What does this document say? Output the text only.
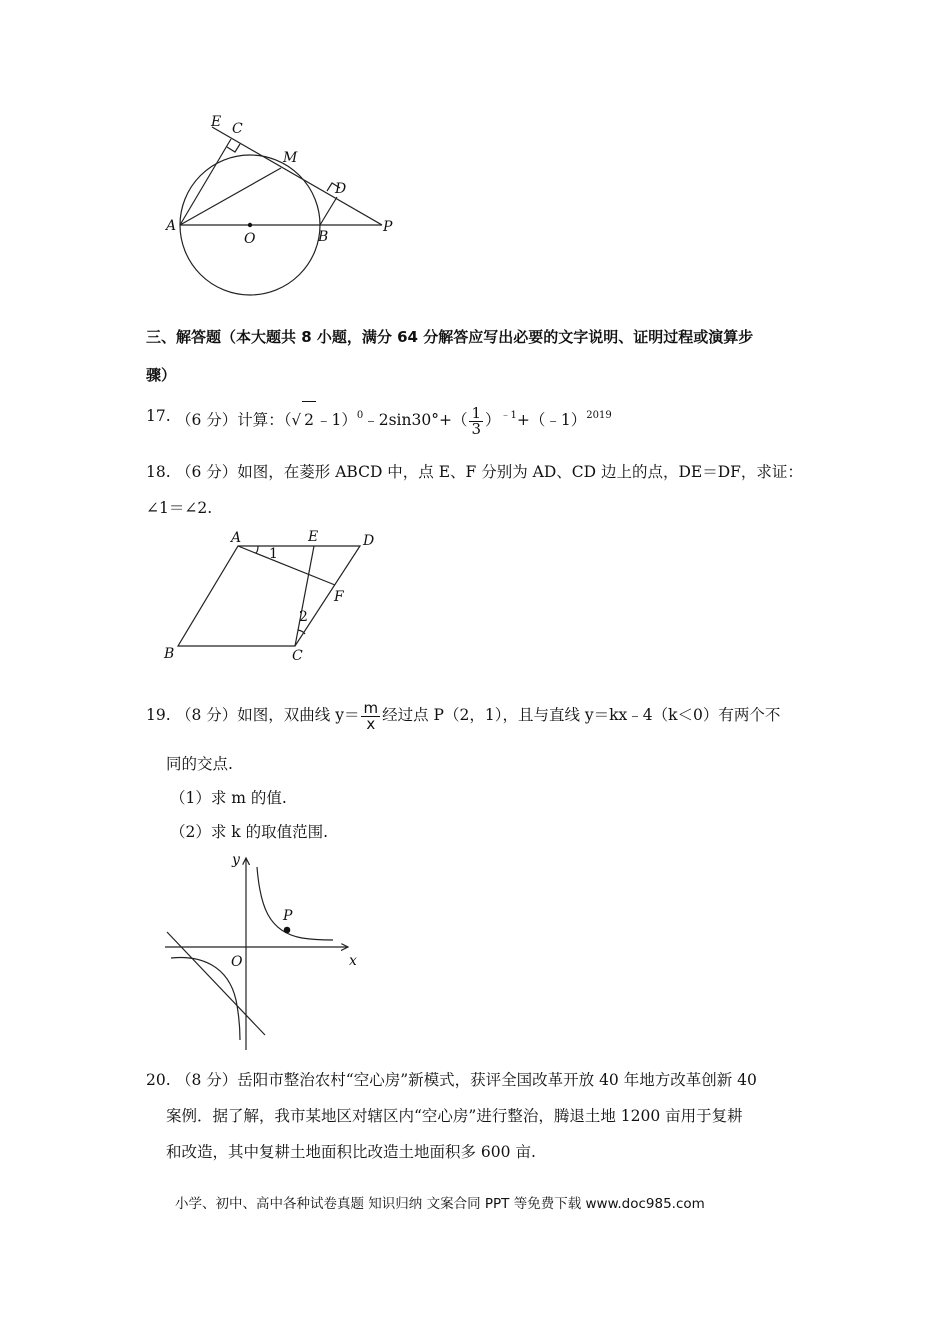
E C
M
D
A
O	B
P
三、解答题（本大题共 8 小题，满分 64 分解答应写出必要的文字说明、证明过程或演算步
骤）
17. （6 分）计算：（√ 2 ﹣1）$^0$﹣2sin30°+（ $\frac{1}{3}$ ）$^{﹣1}$+（﹣1）$^{2019}$
18. （6 分）如图，在菱形 ABCD 中，点 E、F 分别为 AD、CD 边上的点，DE＝DF，求证：
∠1＝∠2.
A	E	D
1
F
2
B	C
19. （8 分）如图，双曲线 $y= \frac{m}{x}$ 经过点 P（2，1），且与直线 y＝kx﹣4（k＜0）有两个不
同的交点.
（1）求 m 的值.
（2）求 k 的取值范围.
y
P
O	x
20. （8 分）岳阳市整治农村“空心房”新模式，获评全国改革开放 40 年地方改革创新 40
案例．据了解，我市某地区对辖区内“空心房”进行整治，腾退土地 1200 亩用于复耕
和改造，其中复耕土地面积比改造土地面积多 600 亩.
小学、初中、高中各种试卷真题 知识归纳 文案合同 PPT 等免费下载 www.doc985.com
